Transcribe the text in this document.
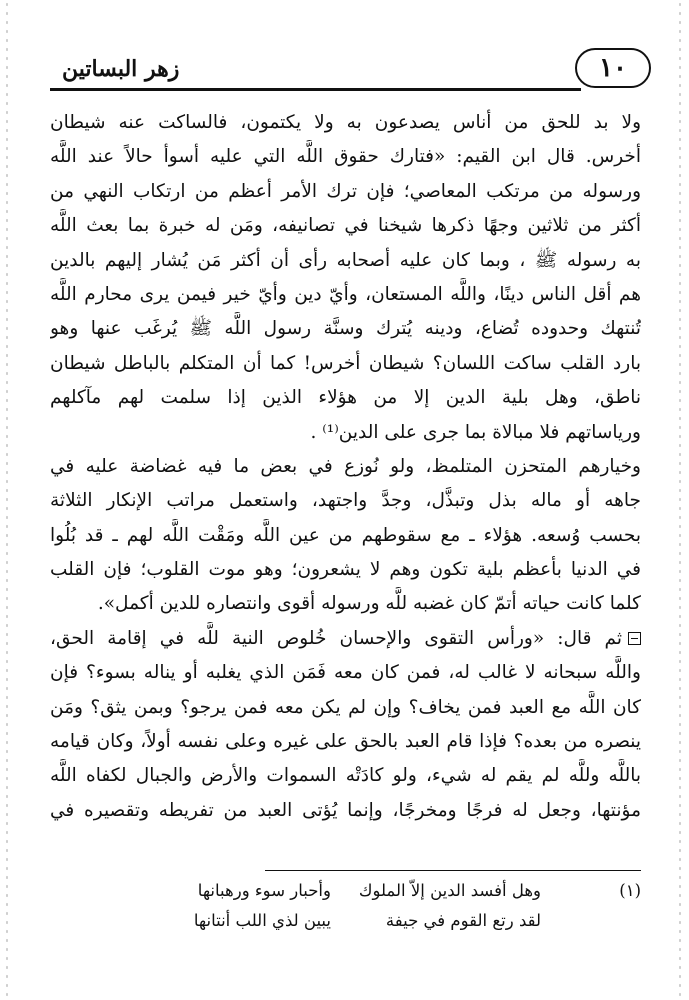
زهر البساتين	١٠
ولا بد للحق من أناس يصدعون به ولا يكتمون، فالساكت عنه شيطان
أخرس. قال ابن القيم: «فتارك حقوق اللَّه التي عليه أسوأ حالاً عند اللَّه
ورسوله من مرتكب المعاصي؛ فإن ترك الأمر أعظم من ارتكاب النهي من
أكثر من ثلاثين وجهًا ذكرها شيخنا في تصانيفه، ومَن له خبرة بما بعث اللَّه
به رسوله ﷺ ، وبما كان عليه أصحابه رأى أن أكثر مَن يُشار إليهم بالدين
هم أقل الناس دينًا، واللَّه المستعان، وأيّ دين وأيّ خير فيمن يرى محارم اللَّه
تُنتهك وحدوده تُضاع، ودينه يُترك وسنَّة رسول اللَّه ﷺ يُرغَب عنها وهو
بارد القلب ساكت اللسان؟ شيطان أخرس! كما أن المتكلم بالباطل شيطان
ناطق، وهل بلية الدين إلا من هؤلاء الذين إذا سلمت لهم مآكلهم
ورياساتهم فلا مبالاة بما جرى على الدين⁽¹⁾ .
وخيارهم المتحزن المتلمظ، ولو نُوزع في بعض ما فيه غضاضة عليه في
جاهه أو ماله بذل وتبذَّل، وجدَّ واجتهد، واستعمل مراتب الإنكار الثلاثة
بحسب وُسعه. هؤلاء ـ مع سقوطهم من عين اللَّه ومَقْت اللَّه لهم ـ قد بُلُوا
في الدنيا بأعظم بلية تكون وهم لا يشعرون؛ وهو موت القلوب؛ فإن القلب
كلما كانت حياته أتمّ كان غضبه للَّه ورسوله أقوى وانتصاره للدين أكمل».
ثم قال: «ورأس التقوى والإحسان خُلوص النية للَّه في إقامة الحق،
واللَّه سبحانه لا غالب له، فمن كان معه فَمَن الذي يغلبه أو يناله بسوء؟ فإن
كان اللَّه مع العبد فمن يخاف؟ وإن لم يكن معه فمن يرجو؟ وبمن يثق؟ ومَن
ينصره من بعده؟ فإذا قام العبد بالحق على غيره وعلى نفسه أولاً، وكان قيامه
باللَّه وللَّه لم يقم له شيء، ولو كادَتْه السموات والأرض والجبال لكفاه اللَّه
مؤنتها، وجعل له فرجًا ومخرجًا، وإنما يُؤتى العبد من تفريطه وتقصيره في
(١)
وهل أفسد الدين إلاّ الملوك
وأحبار سوء ورهبانها
لقد رتع القوم في جيفة
يبين لذي اللب أنتانها
